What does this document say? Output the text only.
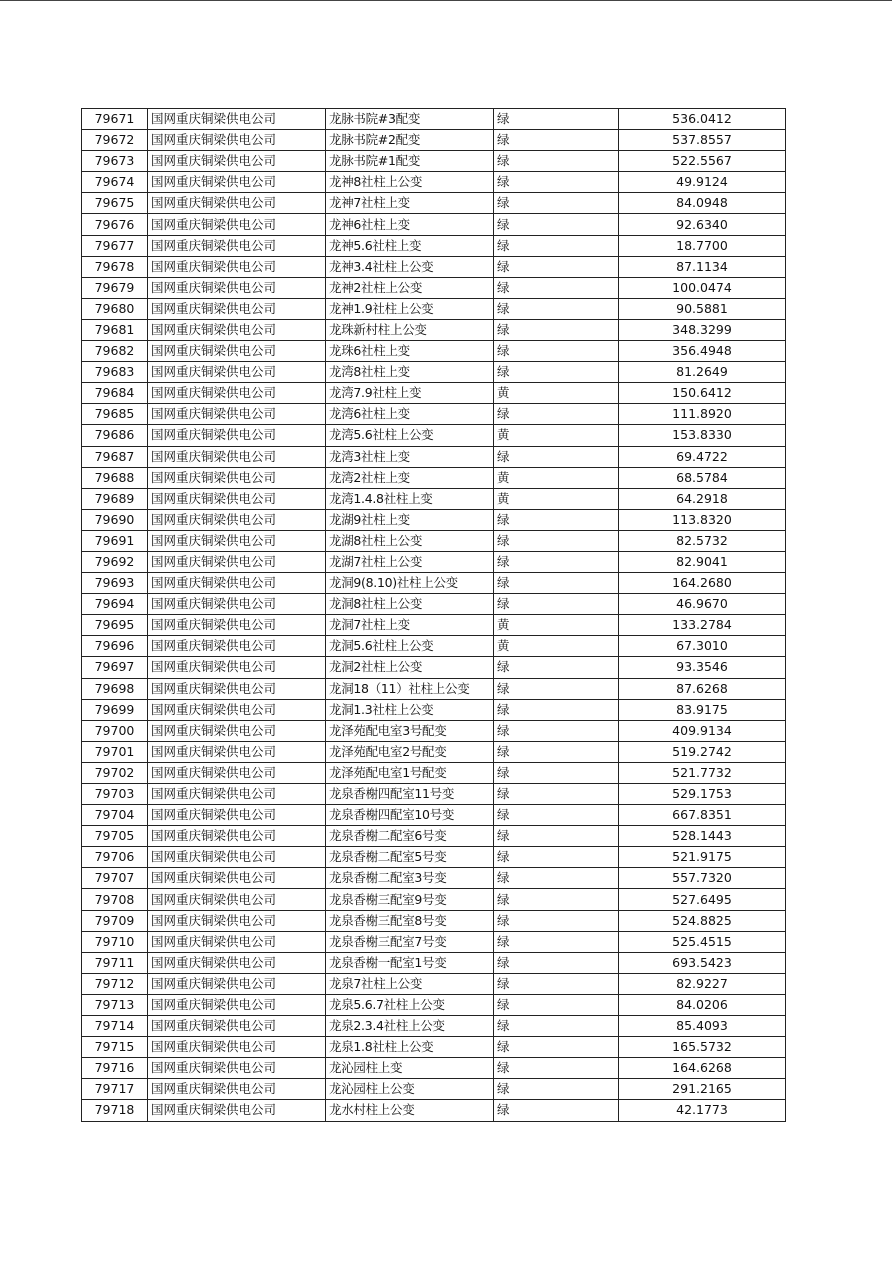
79671	国网重庆铜梁供电公司	龙脉书院#3配变	绿	536.0412
79672	国网重庆铜梁供电公司	龙脉书院#2配变	绿	537.8557
79673	国网重庆铜梁供电公司	龙脉书院#1配变	绿	522.5567
79674	国网重庆铜梁供电公司	龙神8社柱上公变	绿	49.9124
79675	国网重庆铜梁供电公司	龙神7社柱上变	绿	84.0948
79676	国网重庆铜梁供电公司	龙神6社柱上变	绿	92.6340
79677	国网重庆铜梁供电公司	龙神5.6社柱上变	绿	18.7700
79678	国网重庆铜梁供电公司	龙神3.4社柱上公变	绿	87.1134
79679	国网重庆铜梁供电公司	龙神2社柱上公变	绿	100.0474
79680	国网重庆铜梁供电公司	龙神1.9社柱上公变	绿	90.5881
79681	国网重庆铜梁供电公司	龙珠新村柱上公变	绿	348.3299
79682	国网重庆铜梁供电公司	龙珠6社柱上变	绿	356.4948
79683	国网重庆铜梁供电公司	龙湾8社柱上变	绿	81.2649
79684	国网重庆铜梁供电公司	龙湾7.9社柱上变	黄	150.6412
79685	国网重庆铜梁供电公司	龙湾6社柱上变	绿	111.8920
79686	国网重庆铜梁供电公司	龙湾5.6社柱上公变	黄	153.8330
79687	国网重庆铜梁供电公司	龙湾3社柱上变	绿	69.4722
79688	国网重庆铜梁供电公司	龙湾2社柱上变	黄	68.5784
79689	国网重庆铜梁供电公司	龙湾1.4.8社柱上变	黄	64.2918
79690	国网重庆铜梁供电公司	龙湖9社柱上变	绿	113.8320
79691	国网重庆铜梁供电公司	龙湖8社柱上公变	绿	82.5732
79692	国网重庆铜梁供电公司	龙湖7社柱上公变	绿	82.9041
79693	国网重庆铜梁供电公司	龙洞9(8.10)社柱上公变	绿	164.2680
79694	国网重庆铜梁供电公司	龙洞8社柱上公变	绿	46.9670
79695	国网重庆铜梁供电公司	龙洞7社柱上变	黄	133.2784
79696	国网重庆铜梁供电公司	龙洞5.6社柱上公变	黄	67.3010
79697	国网重庆铜梁供电公司	龙洞2社柱上公变	绿	93.3546
79698	国网重庆铜梁供电公司	龙洞18（11）社柱上公变	绿	87.6268
79699	国网重庆铜梁供电公司	龙洞1.3社柱上公变	绿	83.9175
79700	国网重庆铜梁供电公司	龙泽苑配电室3号配变	绿	409.9134
79701	国网重庆铜梁供电公司	龙泽苑配电室2号配变	绿	519.2742
79702	国网重庆铜梁供电公司	龙泽苑配电室1号配变	绿	521.7732
79703	国网重庆铜梁供电公司	龙泉香榭四配室11号变	绿	529.1753
79704	国网重庆铜梁供电公司	龙泉香榭四配室10号变	绿	667.8351
79705	国网重庆铜梁供电公司	龙泉香榭二配室6号变	绿	528.1443
79706	国网重庆铜梁供电公司	龙泉香榭二配室5号变	绿	521.9175
79707	国网重庆铜梁供电公司	龙泉香榭二配室3号变	绿	557.7320
79708	国网重庆铜梁供电公司	龙泉香榭三配室9号变	绿	527.6495
79709	国网重庆铜梁供电公司	龙泉香榭三配室8号变	绿	524.8825
79710	国网重庆铜梁供电公司	龙泉香榭三配室7号变	绿	525.4515
79711	国网重庆铜梁供电公司	龙泉香榭一配室1号变	绿	693.5423
79712	国网重庆铜梁供电公司	龙泉7社柱上公变	绿	82.9227
79713	国网重庆铜梁供电公司	龙泉5.6.7社柱上公变	绿	84.0206
79714	国网重庆铜梁供电公司	龙泉2.3.4社柱上公变	绿	85.4093
79715	国网重庆铜梁供电公司	龙泉1.8社柱上公变	绿	165.5732
79716	国网重庆铜梁供电公司	龙沁园柱上变	绿	164.6268
79717	国网重庆铜梁供电公司	龙沁园柱上公变	绿	291.2165
79718	国网重庆铜梁供电公司	龙水村柱上公变	绿	42.1773
